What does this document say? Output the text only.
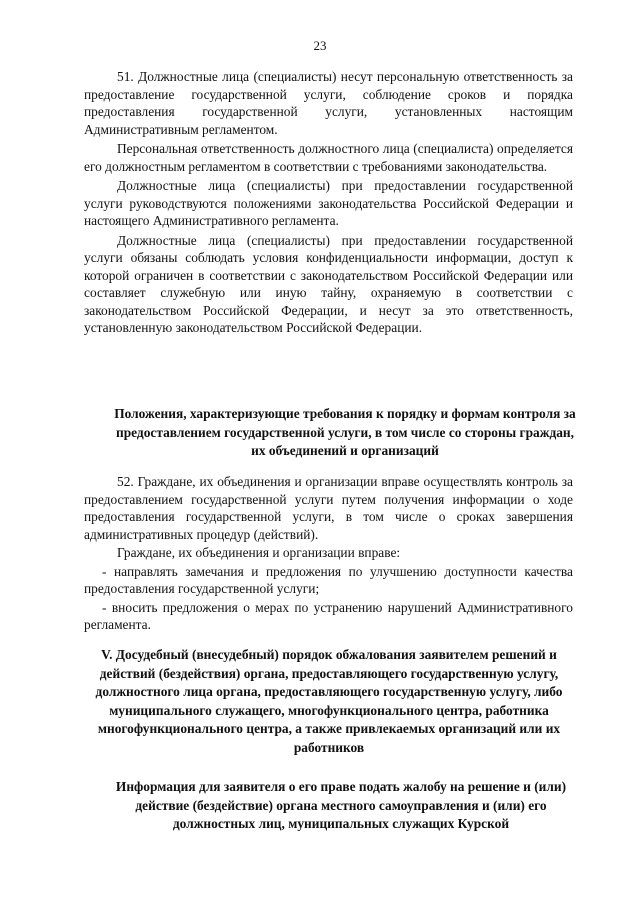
23

51. Должностные лица (специалисты) несут персональную ответственность за предоставление государственной услуги, соблюдение сроков и порядка предоставления государственной услуги, установленных настоящим Административным регламентом.

Персональная ответственность должностного лица (специалиста) определяется его должностным регламентом в соответствии с требованиями законодательства.

Должностные лица (специалисты) при предоставлении государственной услуги руководствуются положениями законодательства Российской Федерации и настоящего Административного регламента.

Должностные лица (специалисты) при предоставлении государственной услуги обязаны соблюдать условия конфиденциальности информации, доступ к которой ограничен в соответствии с законодательством Российской Федерации или составляет служебную или иную тайну, охраняемую в соответствии с законодательством Российской Федерации, и несут за это ответственность, установленную законодательством Российской Федерации.

Положения, характеризующие требования к порядку и формам контроля за предоставлением государственной услуги, в том числе со стороны граждан, их объединений и организаций

52. Граждане, их объединения и организации вправе осуществлять контроль за предоставлением государственной услуги путем получения информации о ходе предоставления государственной услуги, в том числе о сроках завершения административных процедур (действий).

Граждане, их объединения и организации вправе:

- направлять замечания и предложения по улучшению доступности качества предоставления государственной услуги;

- вносить предложения о мерах по устранению нарушений Административного регламента.

V. Досудебный (внесудебный) порядок обжалования заявителем решений и действий (бездействия) органа, предоставляющего государственную услугу, должностного лица органа, предоставляющего государственную услугу, либо муниципального служащего, многофункционального центра, работника многофункционального центра, а также привлекаемых организаций или их работников

Информация для заявителя о его праве подать жалобу на решение и (или) действие (бездействие) органа местного самоуправления и (или) его должностных лиц, муниципальных служащих Курской
